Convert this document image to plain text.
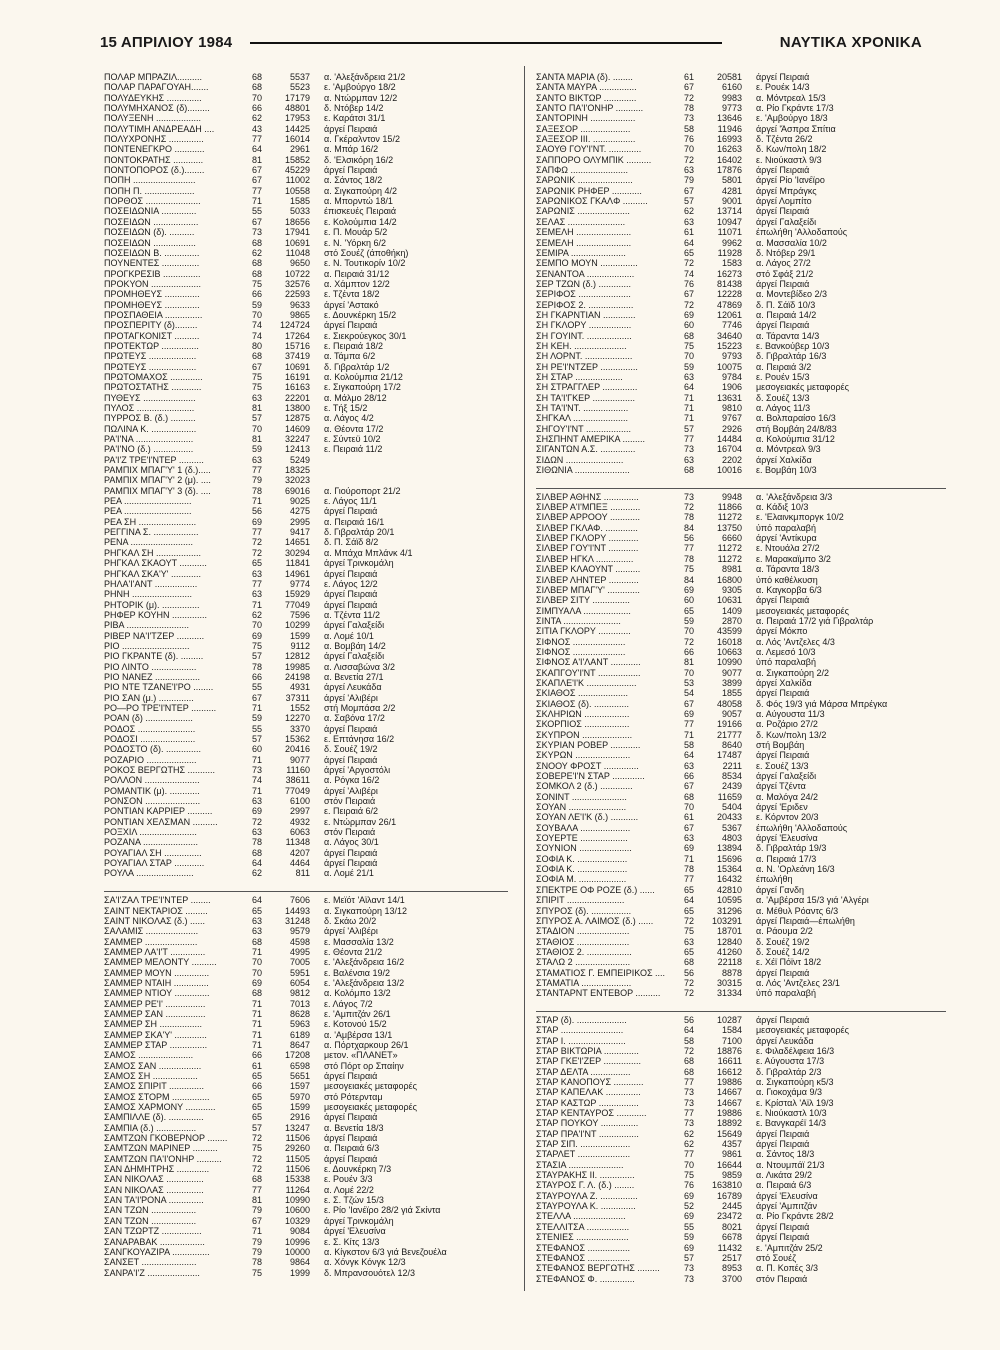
15 ΑΠΡΙΛΙΟΥ 1984	ΝΑΥΤΙΚΑ ΧΡΟΝΙΚΑ
ΠΟΛΑΡ ΜΠΡΑΖΙΛ..........	68	5537	α. 'Αλεξάνδρεια 21/2
ΠΟΛΑΡ ΠΑΡΑΓΟΥΑΗ.......	68	5523	ε. 'Αμβούργο 18/2
ΠΟΛΥΔΕΥΚΗΣ ..............	70	17179	α. Ντώρμπαν 12/2
ΠΟΛΥΜΗΧΑΝΟΣ (δ).........	66	48801	δ. Ντόβερ 14/2
ΠΟΛΥΞΕΝΗ ..................	62	17953	ε. Καράτσι 31/1
ΠΟΛΥΤΙΜΗ ΑΝΔΡΕΑΔΗ ....	43	14425	άργεί Πειραιά
ΠΟΛΥΧΡΟΝΗΣ ..............	77	16014	α. Γκέραλντον 15/2
ΠΟΝΤΕΝΕΓΚΡΟ ............	64	2961	α. Μπάρ 16/2
ΠΟΝΤΟΚΡΑΤΗΣ ............	81	15852	δ. 'Ελσικόρη 16/2
ΠΟΝΤΟΠΟΡΟΣ (δ.)........	67	45229	άργεί Πειραιά
ΠΟΠΗ .........................	67	11002	α. Σάντος 18/2
ΠΟΠΗ Π. ....................	77	10558	α. Σιγκαπούρη 4/2
ΠΟΡΘΟΣ ......................	71	1585	α. Μπορντώ 18/1
ΠΟΣΕΙΔΩΝΙΑ ..............	55	5033	έπισκευές Πειραιά
ΠΟΣΕΙΔΩΝ ..................	67	18656	ε. Κολούμπια 14/2
ΠΟΣΕΙΔΩΝ (δ). ..........	73	17941	ε. Π. Μουάρ 5/2
ΠΟΣΕΙΔΩΝ .................	68	10691	ε. Ν. 'Υόρκη 6/2
ΠΟΣΕΙΔΩΝ Β. ..............	62	11048	στό Σουέζ (άποθήκη)
ΠΟΥΝΕΝΤΕΣ ...............	68	9650	ε. Ν. Τουτικορίν 10/2
ΠΡΟΓΚΡΕΣΙΒ ...............	68	10722	α. Πειραιά 31/12
ΠΡΟΚΥΟΝ ....................	75	32576	α. Χάμπτον 12/2
ΠΡΟΜΗΘΕΥΣ ..............	66	22593	ε. Τζέντα 18/2
ΠΡΟΜΗΘΕΥΣ ..............	59	9633	άργεί 'Αστακό
ΠΡΟΣΠΑΘΕΙΑ ...............	70	9865	ε. Δουνκέρκη 15/2
ΠΡΟΣΠΕΡΙΤΥ (δ).........	74	124724	άργεί Πειραιά
ΠΡΟΤΑΓΚΟΝΙΣΤ ..........	74	17264	ε. Σιεκρούεγκος 30/1
ΠΡΟΤΕΚΤΩΡ ...............	80	15716	ε. Πειραιά 18/2
ΠΡΩΤΕΥΣ ...................	68	37419	α. Τάμπα 6/2
ΠΡΩΤΕΥΣ ...................	67	10691	δ. Γιβραλτάρ 1/2
ΠΡΩΤΟΜΑΧΟΣ .............	75	16191	α. Κολούμπια 21/12
ΠΡΩΤΟΣΤΑΤΗΣ ............	75	16163	ε. Σιγκαπούρη 17/2
ΠΥΘΕΥΣ .....................	63	22201	α. Μάλμο 28/12
ΠΥΛΟΣ .......................	81	13800	ε. Τήξ 15/2
ΠΥΡΡΟΣ Β. (δ.) ..........	57	12875	α. Λάγος 4/2
ΠΩΛΙΝΑ Κ. ..................	70	14609	α. Θέοντα 17/2
ΡΑ'Ι'ΝΑ .......................	81	32247	ε. Σύντεϋ 10/2
ΡΑ'Ι'ΝΟ (δ.) ................	59	12413	ε. Πειραιά 11/2
ΡΑ'Ι'Ζ ΤΡΕ'Ι'ΝΤΕΡ ..........	63	5249
ΡΑΜΠΙΧ ΜΠΑΓ'Υ' 1 (δ.).....	77	18325
ΡΑΜΠΙΧ ΜΠΑΓ'Υ' 2 (μ). ....	79	32023
ΡΑΜΠΙΧ ΜΠΑΓ'Υ' 3 (δ). ....	78	69016	α. Γιούρoπορτ 21/2
ΡΕΑ ...........................	71	9025	ε. Λάγος 11/1
ΡΕΑ ...........................	56	4275	άργεί Πειραιά
ΡΕΑ ΣΗ .......................	69	2995	α. Πειραιά 16/1
ΡΕΓΓΙΝΑ Σ. ..................	77	9417	δ. Γιβραλτάρ 20/1
ΡΕΝΑ .........................	72	14651	δ. Π. Σάϊδ 8/2
ΡΗΓΚΑΛ ΣΗ ..................	72	30294	α. Μπάχα Μπλάνκ 4/1
ΡΗΓΚΑΛ ΣΚΑΟΥΤ ...........	65	11841	άργεί Τρινκομάλη
ΡΗΓΚΑΛ ΣΚΑ'Υ' ............	63	14961	άργεί Πειραιά
ΡΗΛΑ'Ι'ΑΝΤ .................	77	9774	ε. Λάγος 12/2
ΡΗΝΗ ........................	63	15929	άργεί Πειραιά
ΡΗΤΟΡΙΚ (μ). ...............	71	77049	άργεί Πειραιά
ΡΗΦΕΡ ΚΟΥΗΝ ..............	62	7596	α. Τζέντα 11/2
ΡΙΒΑ .........................	70	10299	άργεί Γαλαξείδι
ΡΙΒΕΡ ΝΑ'Ι'ΤΖΕΡ ...........	69	1599	α. Λομέ 10/1
ΡΙΟ ...........................	75	9112	α. Βομβάη 14/2
ΡΙΟ ΓΚΡΑΝΤΕ (δ). .........	57	12812	άργεί Γαλαξείδι
ΡΙΟ ΛΙΝΤΟ ..................	78	19985	α. Λισσαβώνα 3/2
ΡΙΟ ΝΑΝΕΖ ..................	66	24198	α. Βενετία 27/1
ΡΙΟ ΝΤΕ ΤΖΑΝΕ'Ι'ΡΟ ........	55	4931	άργεί Λευκάδα
ΡΙΟ ΣΑΝ (μ.) ..............	67	37311	άργεί 'Αλιβέρι
ΡΟ—ΡΟ ΤΡΕ'Ι'ΝΤΕΡ ..........	71	1552	στή Μομπάσα 2/2
ΡΟΑΝ (δ) ...................	59	12270	α. Σαβόνα 17/2
ΡΟΔΟΣ .......................	55	3370	άργεί Πειραιά
ΡΟΔΟΣΙ ......................	57	15362	ε. Επτάνησα 16/2
ΡΟΔΟΣΤΟ (δ). ..............	60	20416	δ. Σουέζ 19/2
ΡΟΖΑΡΙΟ ....................	71	9077	άργεί Πειραιά
ΡΟΚΟΣ ΒΕΡΓΩΤΗΣ ...........	73	11160	άργεί 'Αργοστόλι
ΡΟΛΛΟΝ ......................	74	38611	α. Ρόγκα 16/2
ΡΟΜΑΝΤΙΚ (μ). ............	71	77049	άργεί 'Αλιβέρι
ΡΟΝΣΟΝ ......................	63	6100	στόν Πειραιά
ΡΟΝΤΙΑΝ ΚΑΡΡΙΕΡ ..........	69	2997	ε. Πειραιά 6/2
ΡΟΝΤΙΑΝ ΧΕΛΣΜΑΝ ..........	72	4932	ε. Ντώρμπαν 26/1
ΡΟΞΧΙΛ .......................	63	6063	στόν Πειραιά
ΡΟΖΑΝΑ ......................	78	11348	α. Λάγος 30/1
ΡΟΥΑΓΙΑΛ ΣΗ ...............	68	4207	άργεί Πειραιά
ΡΟΥΑΓΙΑΛ ΣΤΑΡ ............	64	4464	άργεί Πειραιά
ΡΟΥΛΑ .......................	62	811	α. Λομέ 21/1
ΣΑ'Ι'ΖΑΛ ΤΡΕ'Ι'ΝΤΕΡ ........	64	7606	ε. Μεϊότ 'Αϊλαντ 14/1
ΣΑΙΝΤ ΝΕΚΤΑΡΙΟΣ .........	65	14493	α. Σιγκαπούρη 13/12
ΣΑΙΝΤ ΝΙΚΟΛΑΣ (δ.) ......	63	31248	δ. Σκάω 20/2
ΣΑΛΑΜΙΣ .....................	63	9579	άργεί 'Αλιβέρι
ΣΑΜΜΕΡ .....................	68	4598	ε. Μασσαλία 13/2
ΣΑΜΜΕΡ ΛΑ'Ι'Τ ..............	71	4995	ε. Θέοντα 21/2
ΣΑΜΜΕΡ ΜΕΛΟΝΤΥ ..........	70	7005	ε. 'Αλεξάνδρεια 16/2
ΣΑΜΜΕΡ ΜΟΥΝ ..............	70	5951	ε. Βαλένσια 19/2
ΣΑΜΜΕΡ ΝΤΑΙΗ ..............	69	6054	ε. 'Αλεξάνδρεια 13/2
ΣΑΜΜΕΡ ΝΤΙΟΥ ..............	68	9812	α. Κολόμπο 13/2
ΣΑΜΜΕΡ ΡΕ'Ι' ................	71	7013	ε. Λάγος 7/2
ΣΑΜΜΕΡ ΣΑΝ ................	71	8628	ε. 'Αμπιτζάν 26/1
ΣΑΜΜΕΡ ΣΗ .................	71	5963	ε. Κοτονού 15/2
ΣΑΜΜΕΡ ΣΚΑ'Υ' .............	71	6189	α. 'Αμβέρσα 13/1
ΣΑΜΜΕΡ ΣΤΑΡ ...............	71	8647	α. Πόρτχαρκουρ 26/1
ΣΑΜΟΣ ......................	66	17208	μετον. «ΠΛΑΝΕΤ»
ΣΑΜΟΣ ΣΑΝ .................	61	6598	στό Πόρτ ορ Σπαίην
ΣΑΜΟΣ ΣΗ ..................	65	5651	άργεί Πειραιά
ΣΑΜΟΣ ΣΠΙΡΙΤ ..............	66	1597	μεσογειακές μεταφορές
ΣΑΜΟΣ ΣΤΟΡΜ ...............	65	5970	στό Ρότερνταμ
ΣΑΜΟΣ ΧΑΡΜΟΝΥ ............	65	1599	μεσογειακές μεταφορές
ΣΑΜΠΙΛΛΕ (δ). ..............	65	2916	άργεί Πειραιά
ΣΑΜΠΙΑ (δ.) ................	57	13247	α. Βενετία 18/3
ΣΑΜΤΖΩΝ ΓΚΟΒΕΡΝΟΡ ........	72	11506	άργεί Πειραιά
ΣΑΜΤΖΩΝ ΜΑΡΙΝΕΡ ..........	75	29260	α. Πειραιά 6/3
ΣΑΜΤΖΩΝ ΠΑ'Ι'ΟΝΗΡ ..........	72	11505	άργεί Πειραιά
ΣΑΝ ΔΗΜΗΤΡΗΣ .............	72	11506	ε. Δουνκέρκη 7/3
ΣΑΝ ΝΙΚΟΛΑΣ ...............	68	15338	ε. Ρουέν 3/3
ΣΑΝ ΝΙΚΟΛΑΣ ...............	77	11264	α. Λομέ 22/2
ΣΑΝ ΤΑ'Ι'ΡΟΝΑ ..............	81	10990	ε. Σ. Τζών 15/3
ΣΑΝ ΤΖΩΝ ..................	79	10600	ε. Ρίο 'Ιανέϊρο 28/2 γιά Σκίντα
ΣΑΝ ΤΖΩΝ ..................	67	10329	άργεί Τρινκομάλη
ΣΑΝ ΤΖΩΡΤΖ ................	71	9084	άργεί 'Ελευσίνα
ΣΑΝΑΡΑΒΑΚ ..................	79	10996	ε. Σ. Κίτς 13/3
ΣΑΝΓΚΟΥΑΖΙΡΑ ...............	79	10000	α. Κίγκστον 6/3 γιά Βενεζουέλα
ΣΑΝΣΕΤ ......................	78	9864	α. Χόνγκ Κόνγκ 12/3
ΣΑΝΡΑ'Ι'Ζ .....................	75	1999	δ. Μπρανσουότελ 12/3
ΣΑΝΤΑ ΜΑΡΙΑ (δ). ........	61	20581	άργεί Πειραιά
ΣΑΝΤΑ ΜΑΥΡΑ ...............	67	6160	ε. Ρουέκ 14/3
ΣΑΝΤΟ ΒΙΚΤΩΡ .............	72	9983	α. Μόντρεαλ 15/3
ΣΑΝΤΟ ΠΑ'Ι'ΟΝΗΡ ...........	78	9773	α. Ρίο Γκράντε 17/3
ΣΑΝΤΟΡΙΝΗ ..................	73	13646	ε. 'Αμβούργο 18/3
ΣΑΞΕΣΟΡ ....................	58	11946	άργεί 'Άσπρα Σπίτια
ΣΑΞΕΣΟΡ ΙΙΙ. .................	76	16993	δ. Τζέντα 26/2
ΣΑΟΥΘ ΓΟΥ'Ι'ΝΤ. .............	70	16263	δ. Κων/πολη 18/2
ΣΑΠΠΟΡΟ ΟΛΥΜΠΙΚ ..........	72	16402	ε. Νιούκαστλ 9/3
ΣΑΠΦΩ .......................	63	17876	άργεί Πειραιά
ΣΑΡΩΝΙΚ ......................	79	5801	άργεί Ρίο 'Ιανέϊρο
ΣΑΡΩΝΙΚ ΡΗΦΕΡ ............	67	4281	άργεί Μπράγκς
ΣΑΡΩΝΙΚΟΣ ΓΚΑΛΦ ..........	57	9001	άργεί Λομπίτο
ΣΑΡΩΝΙΣ .....................	62	13714	άργεί Πειραιά
ΣΕΛΑΣ .......................	63	10947	άργεί Γαλαξείδι
ΣΕΜΕΛΗ ......................	61	11071	έπωλήθη 'Αλλοδαπούς
ΣΕΜΕΛΗ ......................	64	9962	α. Μασσαλία 10/2
ΣΕΜΙΡΑ ......................	65	11928	δ. Ντόβερ 29/1
ΣΕΜΠΟ ΜΟΥΝ ...............	72	1583	α. Λάγος 27/2
ΣΕΝΑΝΤΟΑ ...................	74	16273	στό Σφάξ 21/2
ΣΕΡ ΤΖΩΝ (δ.) .............	76	81438	άργεί Πειραιά
ΣΕΡΙΦΟΣ .....................	67	12228	α. Μοντεβίδεο 2/3
ΣΕΡΙΦΟΣ 2. ..................	72	47869	δ. Π. Σάϊδ 10/3
ΣΗ ΓΚΑΡΝΤΙΑΝ .............	69	12061	α. Πειραιά 14/2
ΣΗ ΓΚΛΟΡΥ .................	60	7746	άργεί Πειραιά
ΣΗ ΓΟΥΙΝΤ. ..................	68	34640	α. Τάραντα 14/3
ΣΗ ΚΕΗ. .....................	75	15223	ε. Βανκούβερ 10/3
ΣΗ ΛΟΡΝΤ. ...................	70	9793	δ. Γιβραλτάρ 16/3
ΣΗ ΡΕ'Ι'ΝΤΖΕΡ ...............	59	10075	α. Πειραιά 3/2
ΣΗ ΣΤΑΡ ...................	63	9784	ε. Ρουέν 15/3
ΣΗ ΣΤΡΑΓΓΛΕΡ ..............	64	1906	μεσογειακές μεταφορές
ΣΗ ΤΑ'Ι'ΓΚΕΡ .................	71	13631	δ. Σουέζ 13/3
ΣΗ ΤΑ'Ι'ΝΤ. ..................	71	9810	α. Λάγος 11/3
ΣΗΓΚΑΛ ......................	71	9767	α. Βολπαραίσο 16/3
ΣΗΓΟΥ'Ι'ΝΤ ..................	57	2926	στή Βομβάη 24/8/83
ΣΗΣΠΗΝΤ ΑΜΕΡΙΚΑ .........	77	14484	α. Κολούμπια 31/12
ΣΙΓΑΝΤΩΝ Α.Σ. ..............	73	16704	α. Μόντρεαλ 9/3
ΣΙΔΩΝ .......................	63	2202	άργεί Χαλκίδα
ΣΙΘΩΝΙΑ ......................	68	10016	ε. Βομβάη 10/3
ΣΙΛΒΕΡ ΑΘΗΝΣ ..............	73	9948	α. 'Αλεξάνδρεια 3/3
ΣΙΛΒΕΡ Α'Ι'ΜΠΕΞ ............	72	11866	α. Κάδιξ 10/3
ΣΙΛΒΕΡ ΑΡΡΟΟΥ ............	78	11272	ε. 'Ελαινκμποργκ 10/2
ΣΙΛΒΕΡ ΓΚΛΑΦ. .............	84	13750	ύπό παραλαβή
ΣΙΛΒΕΡ ΓΚΛΟΡΥ ............	56	6660	άργεί 'Αντίκυρα
ΣΙΛΒΕΡ ΓΟΥ'Ι'ΝΤ ............	77	11272	ε. Ντουάλα 27/2
ΣΙΛΒΕΡ ΗΓΚΛ ...............	78	11272	ε. Μαρακαϊμπο 3/2
ΣΙΛΒΕΡ ΚΛΑΟΥΝΤ ..........	75	8981	α. Τάραντα 18/3
ΣΙΛΒΕΡ ΛΗΝΤΕΡ ............	84	16800	ύπό καθέλκυση
ΣΙΛΒΕΡ ΜΠΑΓ'Υ' .............	69	9305	α. Καγκορβα 6/3
ΣΙΛΒΕΡ ΣΙΤΥ ...............	60	10631	άργεί Πειραιά
ΣΙΜΠΥΑΛΑ ...................	65	1409	μεσογειακές μεταφορές
ΣΙΝΤΑ .......................	59	2870	α. Πειραιά 17/2 γιά Γιβραλτάρ
ΣΙΤΙΑ ΓΚΛΟΡΥ .............	70	43599	άργεί Μόκπο
ΣΙΦΝΟΣ .....................	72	16018	α. Λός 'Αντζελες 4/3
ΣΙΦΝΟΣ .....................	66	10663	α. Λεμεσό 10/3
ΣΙΦΝΟΣ Α'Ι'ΛΑΝΤ ............	81	10990	ύπό παραλαβή
ΣΚΑΠΓΟΥ'Ι'ΝΤ .................	70	9077	α. Σιγκαπούρη 2/2
ΣΚΑΠΛΕ'Ι'Κ ....................	53	3899	άργεί Χαλκίδα
ΣΚΙΑΘΟΣ ....................	54	1855	άργεί Πειραιά
ΣΚΙΑΘΟΣ (δ). ..............	67	48058	δ. Φός 19/3 γιά Μάρσα Μπρέγκα
ΣΚΛΗΡΙΩΝ ..................	69	9057	α. Αύγουστα 11/3
ΣΚΟΡΠΙΟΣ ..................	77	19166	α. Ροζάριο 27/2
ΣΚΥΠΡΟΝ ....................	71	21777	δ. Κων/πολη 13/2
ΣΚΥΡΙΑΝ ΡΟΒΕΡ ............	58	8640	στή Βομβάη
ΣΚΥΡΩΝ ......................	64	17487	άργεί Πειραιά
ΣΝΟΟΥ ΦΡΟΣΤ ..............	63	2211	ε. Σουέζ 13/3
ΣΟΒΕΡΕ'Ι'Ν ΣΤΑΡ .............	66	8534	άργεί Γαλαξείδι
ΣΟΜΚΟΛ 2 (δ.) .............	67	2439	άργεί Τζέντα
ΣΟΝΙΝΤ ......................	68	11659	α. Μαλόγα 24/2
ΣΟΥΑΝ .......................	70	5404	άργεί 'Εριδεν
ΣΟΥΑΝ ΛΕ'Ι'Κ (δ.) ...........	61	20433	ε. Κόρντον 20/3
ΣΟΥΒΑΛΑ ....................	67	5367	έπωλήθη 'Αλλοδαπούς
ΣΟΥΕΡΤΕ ...................	63	4803	άργεί 'Ελευσίνα
ΣΟΥΝΙΟΝ .....................	69	13894	δ. Γιβραλτάρ 19/3
ΣΟΦΙΑ Κ. ....................	71	15696	α. Πειραιά 17/3
ΣΟΦΙΑ Κ. ....................	78	15364	α. Ν. 'Ορλεάνη 16/3
ΣΟΦΙΑ Μ. ...................	77	16432	έπωλήθη
ΣΠΕΚΤΡΕ ΟΦ ΡΟΖΕ (δ.) ......	65	42810	άργεί Γανδη
ΣΠΙΡΙΤ .......................	64	10595	α. 'Αμβέρσα 15/3 γιά 'Αλγέρι
ΣΠΥΡΟΣ (δ). ................	65	31296	α. Μέθυλ Ρόαντς 6/3
ΣΠΥΡΟΣ Α. ΛΑΙΜΟΣ (δ.) ......	72	103291	άργεί Πειραιά—έπωλήθη
ΣΤΑΔΙΟΝ .....................	75	18701	α. Ράουμα 2/2
ΣΤΑΘΙΟΣ .....................	63	12840	δ. Σουέζ 19/2
ΣΤΑΘΙΟΣ 2. ..................	65	41260	δ. Σουέζ 14/2
ΣΤΑΛΩ 2 ......................	68	22118	ε. Χέϊ Πόϊντ 18/2
ΣΤΑΜΑΤΙΟΣ Γ. ΕΜΠΕΙΡΙΚΟΣ ....	56	8878	άργεί Πειραιά
ΣΤΑΜΑΤΙΑ ....................	72	30315	α. Λός 'Αντζελες 23/1
ΣΤΑΝΤΑΡΝΤ ΕΝΤΕΒΟΡ ..........	72	31334	ύπό παραλαβή
ΣΤΑΡ (δ). ....................	56	10287	άργεί Πειραιά
ΣΤΑΡ .........................	64	1584	μεσογειακές μεταφορές
ΣΤΑΡ Ι. .......................	58	7100	άργεί Λευκάδα
ΣΤΑΡ ΒΙΚΤΩΡΙΑ ..............	72	18876	ε. Φιλαδέλφεια 16/3
ΣΤΑΡ ΓΚΕ'Ι'ΖΕΡ ...............	68	16611	ε. Αύγουστα 17/3
ΣΤΑΡ ΔΕΛΤΑ ................	68	16612	δ. Γιβραλτάρ 2/3
ΣΤΑΡ ΚΑΝΟΠΟΥΣ ............	77	19886	α. Σιγκαπούρη κ5/3
ΣΤΑΡ ΚΑΠΕΛΑΚ ..............	73	14667	α. Γιοκοχάμα 9/3
ΣΤΑΡ ΚΑΣΤΩΡ ................	73	14667	ε. Κρίσταλ 'Αϊλ 19/3
ΣΤΑΡ ΚΕΝΤΑΥΡΟΣ ............	77	19886	ε. Νιούκαστλ 10/3
ΣΤΑΡ ΠΟΥΚΟΥ ...............	73	18892	ε. Βανγκαρέϊ 14/3
ΣΤΑΡ ΠΡΑ'Ι'ΝΤ ................	62	15649	άργεί Πειραιά
ΣΤΑΡ ΣΙΠ. ....................	62	4357	άργεί Πειραιά
ΣΤΑΡΛΕΤ .....................	77	9861	α. Σάντος 18/3
ΣΤΑΣΙΑ ......................	70	16644	α. Ντουμπάϊ 21/3
ΣΤΑΥΡΑΚΗΣ ΙΙ. ..............	75	9859	α. Λικάτα 29/2
ΣΤΑΥΡΟΣ Γ. Λ. (δ.) ........	76	163810	α. Πειραιά 6/3
ΣΤΑΥΡΟΥΛΑ Ζ. ...............	69	16789	άργεί 'Ελευσίνα
ΣΤΑΥΡΟΥΛΑ Κ. ..............	52	2445	άργεί 'Αμπιτζάν
ΣΤΕΛΛΑ .....................	69	23472	α. Ρίο Γκράντε 28/2
ΣΤΕΛΛΙΤΣΑ .................	55	8021	άργεί Πειραιά
ΣΤΕΝΙΕΣ .....................	59	6678	άργεί Πειραιά
ΣΤΕΦΑΝΟΣ .................	69	11432	ε. 'Αμπιτζάν 25/2
ΣΤΕΦΑΝΟΣ .................	57	2517	στό Σουέζ
ΣΤΕΦΑΝΟΣ ΒΕΡΓΩΤΗΣ .........	73	8953	α. Π. Κοπές 3/3
ΣΤΕΦΑΝΟΣ Φ. ..............	73	3700	στόν Πειραιά
